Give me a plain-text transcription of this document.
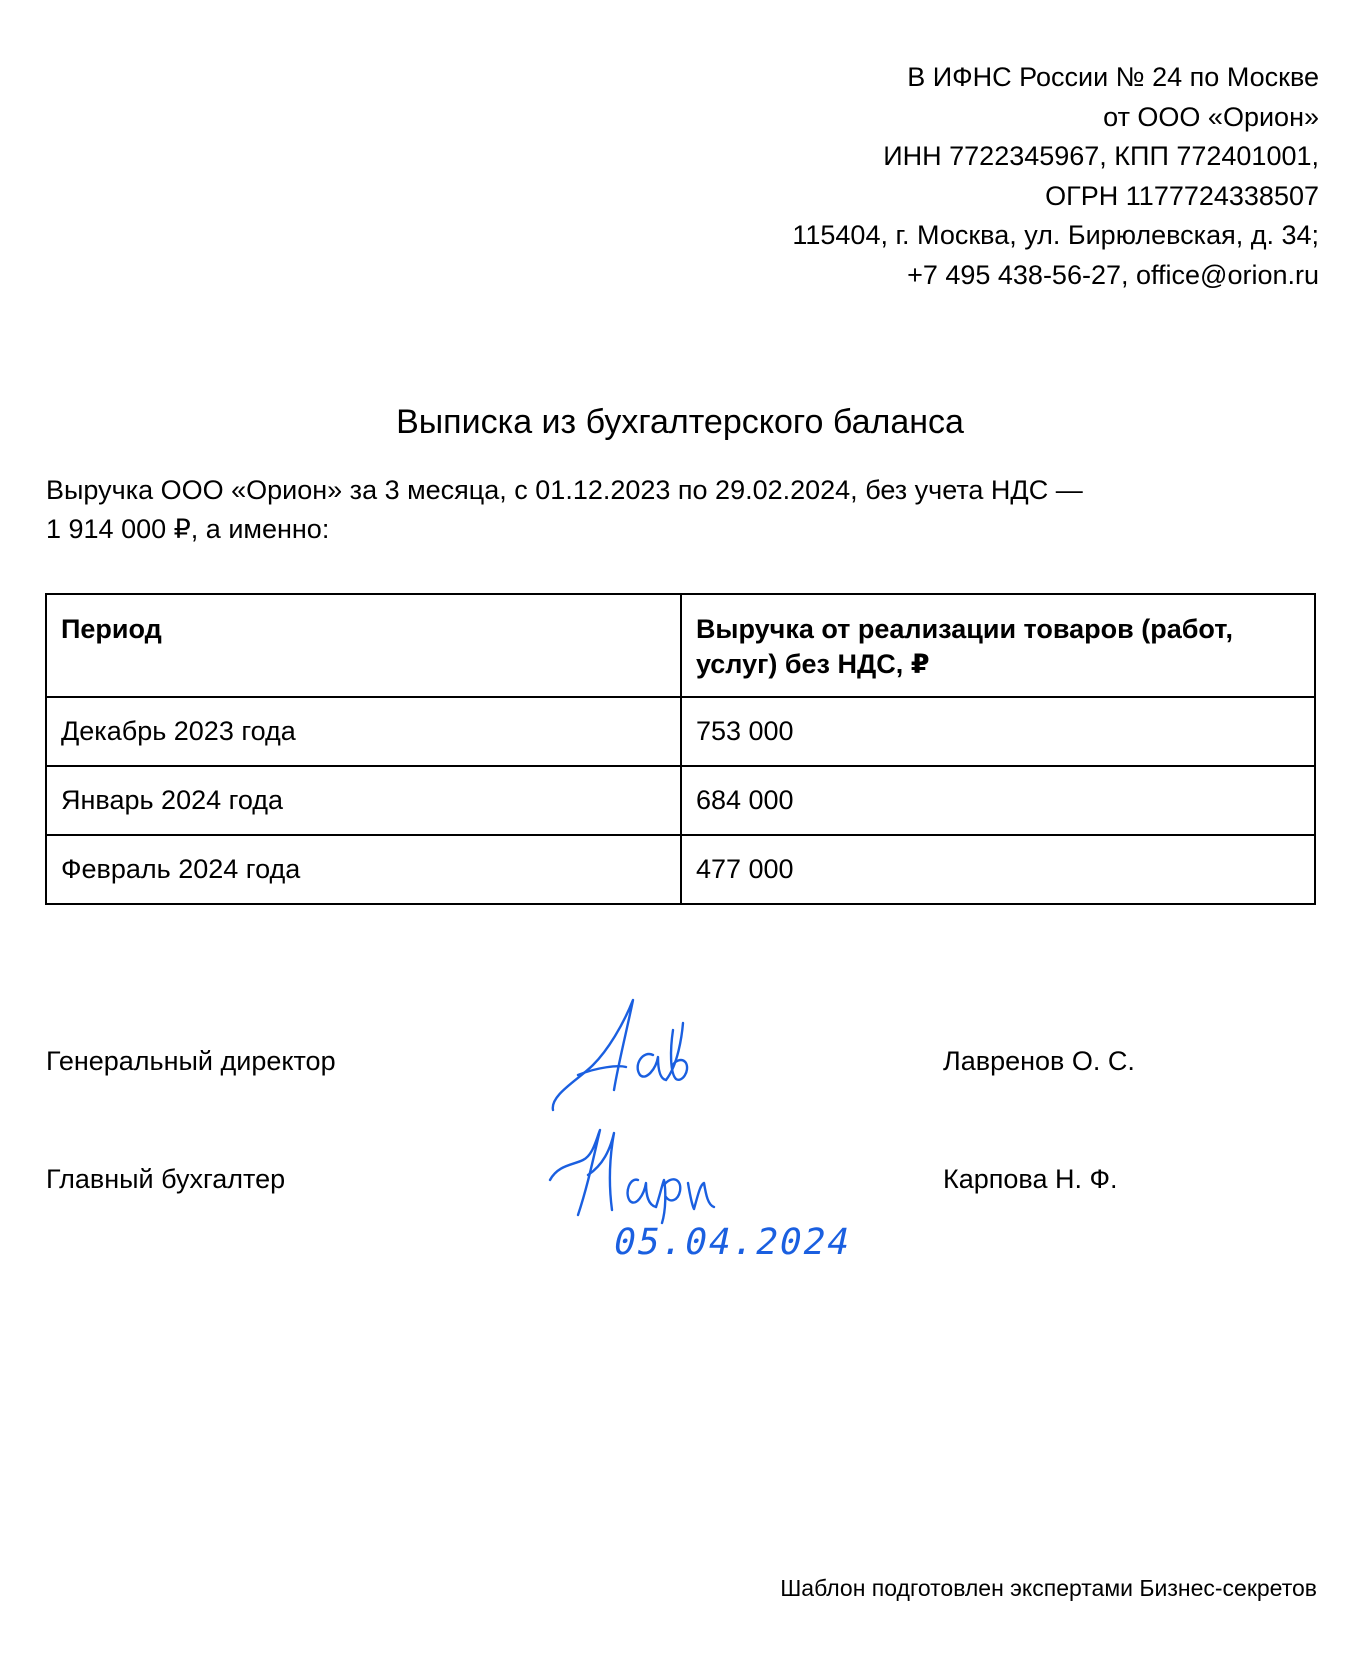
В ИФНС России № 24 по Москве
от ООО «Орион»
ИНН 7722345967, КПП 772401001,
ОГРН 1177724338507
115404, г. Москва, ул. Бирюлевская, д. 34;
+7 495 438-56-27, office@orion.ru
Выписка из бухгалтерского баланса
Выручка ООО «Орион» за 3 месяца, с 01.12.2023 по 29.02.2024, без учета НДС —
1 914 000 ₽, а именно:
Период	Выручка от реализации товаров (работ, услуг) без НДС, ₽
Декабрь 2023 года	753 000
Январь 2024 года	684 000
Февраль 2024 года	477 000
Генеральный директор	Лавренов О. С.
Главный бухгалтер	Карпова Н. Ф.
05.04.2024
Шаблон подготовлен экспертами Бизнес-секретов
